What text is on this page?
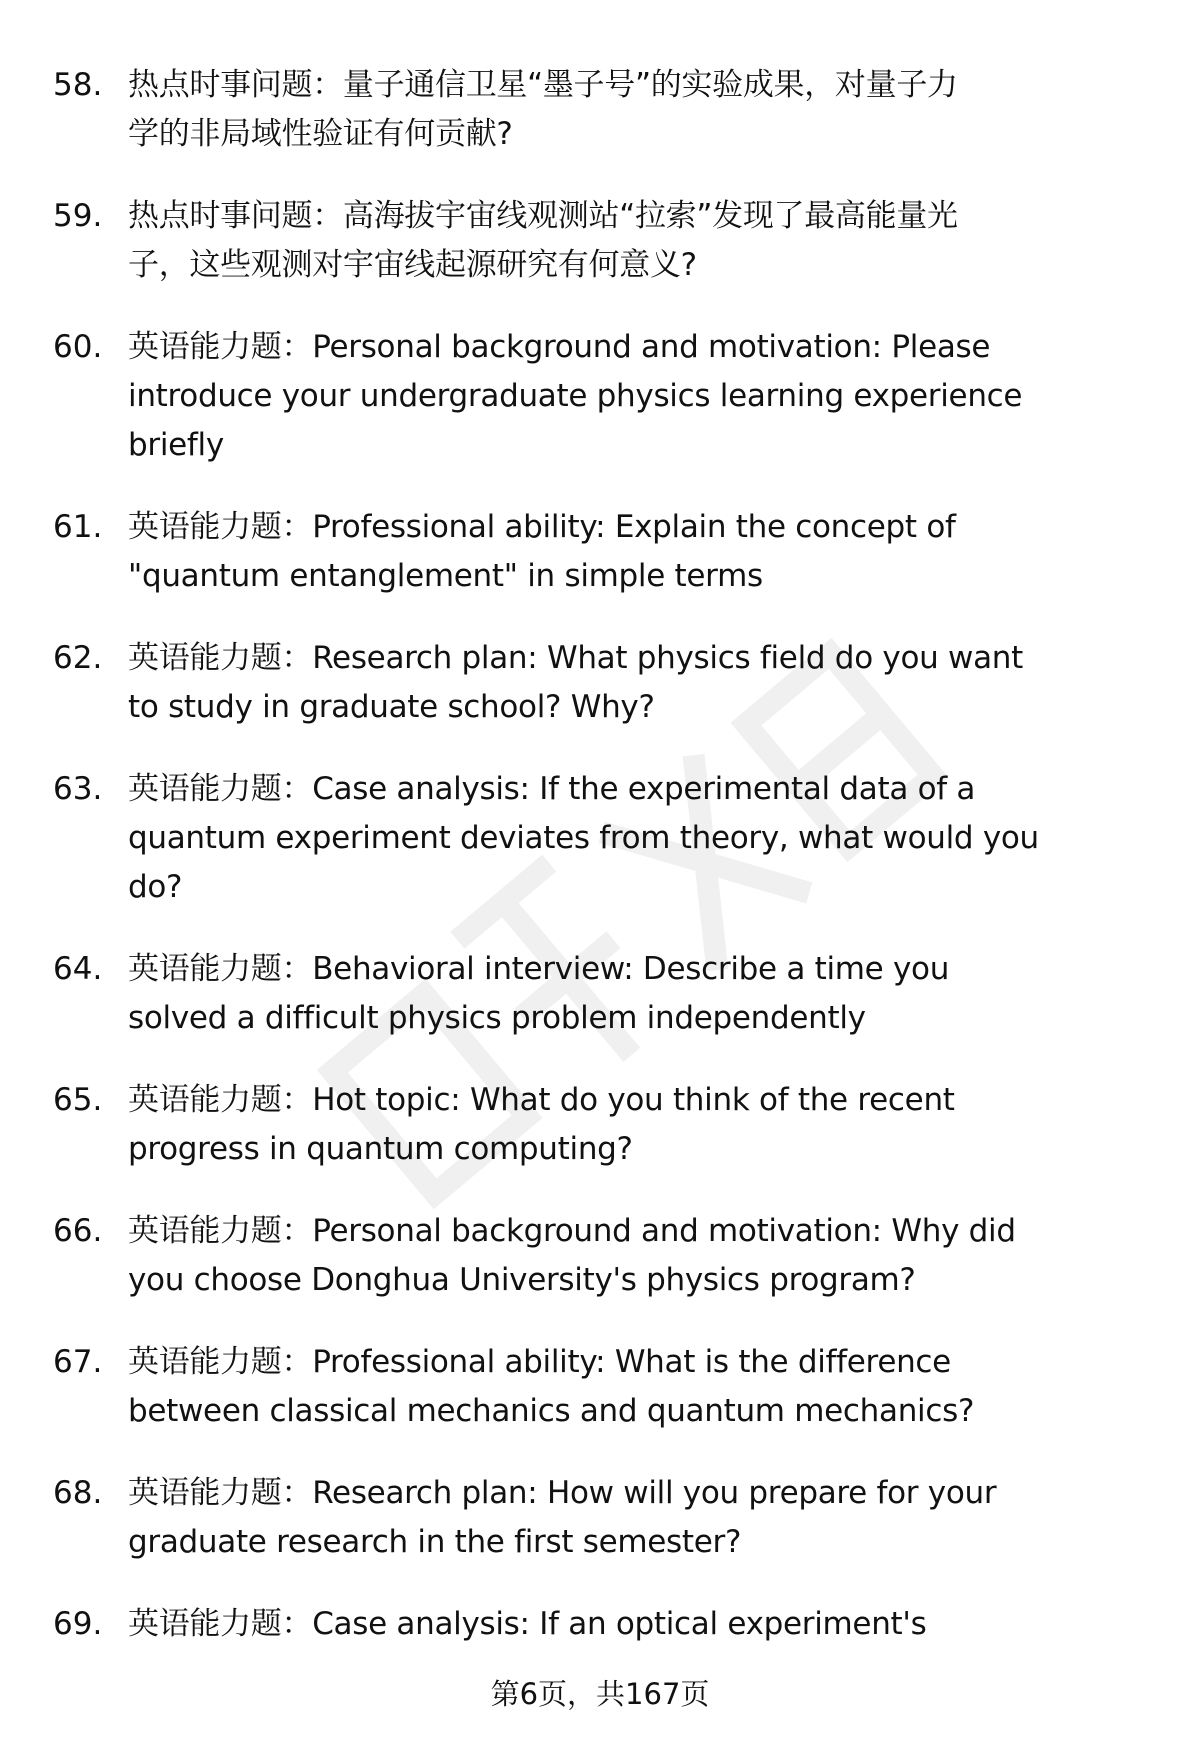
58. 热点时事问题：量子通信卫星“墨子号”的实验成果，对量子力
学的非局域性验证有何贡献?
59. 热点时事问题：高海拔宇宙线观测站“拉索”发现了最高能量光
子，这些观测对宇宙线起源研究有何意义?
60. 英语能力题：Personal background and motivation: Please
introduce your undergraduate physics learning experience
briefly
61. 英语能力题：Professional ability: Explain the concept of
"quantum entanglement" in simple terms
62. 英语能力题：Research plan: What physics field do you want
to study in graduate school? Why?
63. 英语能力题：Case analysis: If the experimental data of a
quantum experiment deviates from theory, what would you
do?
64. 英语能力题：Behavioral interview: Describe a time you
solved a difficult physics problem independently
65. 英语能力题：Hot topic: What do you think of the recent
progress in quantum computing?
66. 英语能力题：Personal background and motivation: Why did
you choose Donghua University's physics program?
67. 英语能力题：Professional ability: What is the difference
between classical mechanics and quantum mechanics?
68. 英语能力题：Research plan: How will you prepare for your
graduate research in the first semester?
69. 英语能力题：Case analysis: If an optical experiment's
第6页，共167页
